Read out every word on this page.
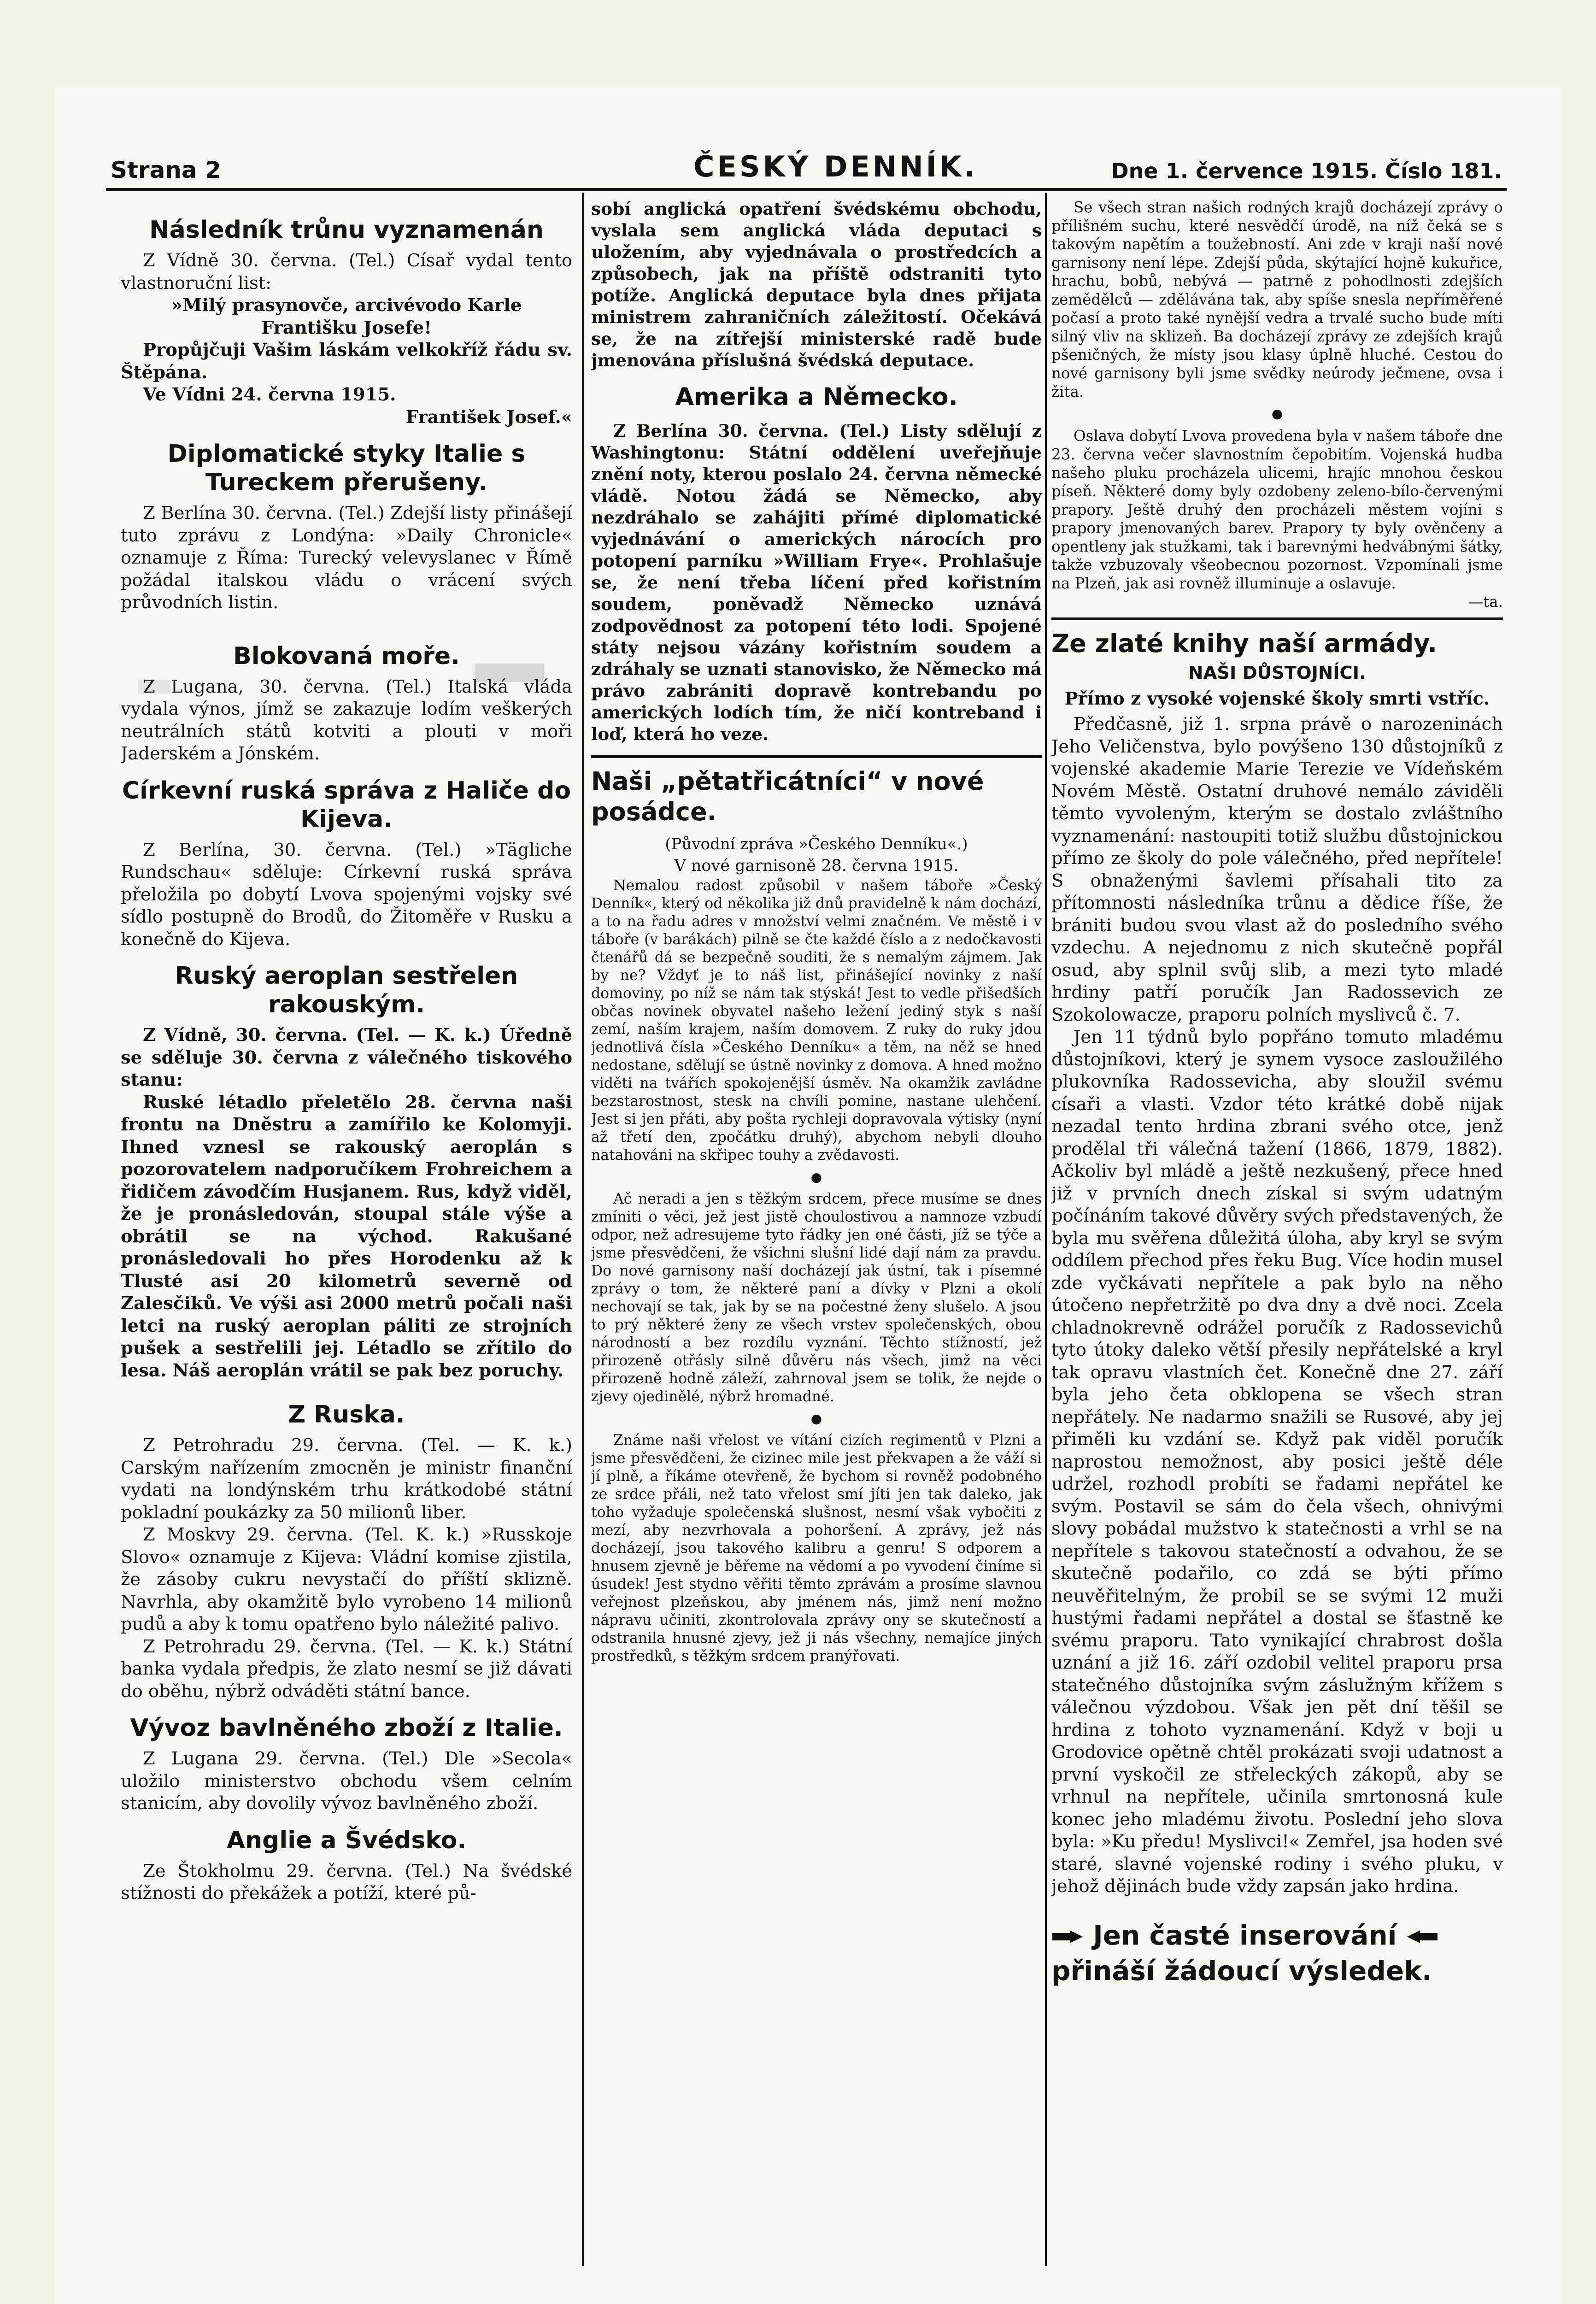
Strana 2	ČESKÝ DENNÍK.	Dne 1. července 1915. Číslo 181.
Následník trůnu vyznamenán

Z Vídně 30. června. (Tel.) Císař vydal tento vlastnoruční list:

»Milý prasynovče, arcivévodo Karle Františku Josefe!

Propůjčuji Vašim láskám velkokříž řádu sv. Štěpána.

Ve Vídni 24. června 1915.

František Josef.«

Diplomatické styky Italie s Tureckem přerušeny.

Z Berlína 30. června. (Tel.) Zdejší listy přinášejí tuto zprávu z Londýna: »Daily Chronicle« oznamuje z Říma: Turecký velevyslanec v Římě požádal italskou vládu o vrácení svých průvodních listin.

Blokovaná moře.

Z Lugana, 30. června. (Tel.) Italská vláda vydala výnos, jímž se zakazuje lodím veškerých neutrálních států kotviti a plouti v moři Jaderském a Jónském.

Církevní ruská správa z Haliče do Kijeva.

Z Berlína, 30. června. (Tel.) »Tägliche Rundschau« sděluje: Církevní ruská správa přeložila po dobytí Lvova spojenými vojsky své sídlo postupně do Brodů, do Žitoměře v Rusku a konečně do Kijeva.

Ruský aeroplan sestřelen rakouským.

Z Vídně, 30. června. (Tel. — K. k.) Úředně se sděluje 30. června z válečného tiskového stanu:

Ruské létadlo přeletělo 28. června naši frontu na Dněstru a zamířilo ke Kolomyji. Ihned vznesl se rakouský aeroplán s pozorovatelem nadporučíkem Frohreichem a řidičem závodčím Husjanem. Rus, když viděl, že je pronásledován, stoupal stále výše a obrátil se na východ. Rakušané pronásledovali ho přes Horodenku až k Tlusté asi 20 kilometrů severně od Zalesčiků. Ve výši asi 2000 metrů počali naši letci na ruský aeroplan páliti ze strojních pušek a sestřelili jej. Létadlo se zřítilo do lesa. Náš aeroplán vrátil se pak bez poruchy.

Z Ruska.

Z Petrohradu 29. června. (Tel. — K. k.) Carským nařízením zmocněn je ministr finanční vydati na londýnském trhu krátkodobé státní pokladní poukázky za 50 milionů liber.

Z Moskvy 29. června. (Tel. K. k.) »Russkoje Slovo« oznamuje z Kijeva: Vládní komise zjistila, že zásoby cukru nevystačí do příští sklizně. Navrhla, aby okamžitě bylo vyrobeno 14 milionů pudů a aby k tomu opatřeno bylo náležité palivo.

Z Petrohradu 29. června. (Tel. — K. k.) Státní banka vydala předpis, že zlato nesmí se již dávati do oběhu, nýbrž odváděti státní bance.

Vývoz bavlněného zboží z Italie.

Z Lugana 29. června. (Tel.) Dle »Secola« uložilo ministerstvo obchodu všem celním stanicím, aby dovolily vývoz bavlněného zboží.

Anglie a Švédsko.

Ze Štokholmu 29. června. (Tel.) Na švédské stížnosti do překážek a potíží, které pů-

sobí anglická opatření švédskému obchodu, vyslala sem anglická vláda deputaci s uložením, aby vyjednávala o prostředcích a způsobech, jak na příště odstraniti tyto potíže. Anglická deputace byla dnes přijata ministrem zahraničních záležitostí. Očekává se, že na zítřejší ministerské radě bude jmenována příslušná švédská deputace.

Amerika a Německo.

Z Berlína 30. června. (Tel.) Listy sdělují z Washingtonu: Státní oddělení uveřejňuje znění noty, kterou poslalo 24. června německé vládě. Notou žádá se Německo, aby nezdráhalo se zahájiti přímé diplomatické vyjednávání o amerických nárocích pro potopení parníku »William Frye«. Prohlašuje se, že není třeba líčení před kořistním soudem, poněvadž Německo uznává zodpovědnost za potopení této lodi. Spojené státy nejsou vázány kořistním soudem a zdráhaly se uznati stanovisko, že Německo má právo zabrániti dopravě kontrebandu po amerických lodích tím, že ničí kontreband i loď, která ho veze.

Naši „pětatřicátníci“ v nové posádce.

(Původní zpráva »Českého Denníku«.)

V nové garnisoně 28. června 1915.

Nemalou radost způsobil v našem táboře »Český Denník«, který od několika již dnů pravidelně k nám dochází, a to na řadu adres v množství velmi značném. Ve městě i v táboře (v barákách) pilně se čte každé číslo a z nedočkavosti čtenářů dá se bezpečně souditi, že s nemalým zájmem. Jak by ne? Vždyť je to náš list, přinášející novinky z naší domoviny, po níž se nám tak stýská! Jest to vedle přišedších občas novinek obyvatel našeho ležení jediný styk s naší zemí, naším krajem, naším domovem. Z ruky do ruky jdou jednotlivá čísla »Českého Denníku« a těm, na něž se hned nedostane, sdělují se ústně novinky z domova. A hned možno viděti na tvářích spokojenější úsměv. Na okamžik zavládne bezstarostnost, stesk na chvíli pomine, nastane ulehčení. Jest si jen přáti, aby pošta rychleji dopravovala výtisky (nyní až třetí den, zpočátku druhý), abychom nebyli dlouho natahováni na skřipec touhy a zvědavosti.

●

Ač neradi a jen s těžkým srdcem, přece musíme se dnes zmíniti o věci, jež jest jistě choulostivou a namnoze vzbudí odpor, než adresujeme tyto řádky jen oné části, jíž se týče a jsme přesvědčeni, že všichni slušní lidé dají nám za pravdu. Do nové garnisony naší docházejí jak ústní, tak i písemné zprávy o tom, že některé paní a dívky v Plzni a okolí nechovají se tak, jak by se na počestné ženy slušelo. A jsou to prý některé ženy ze všech vrstev společenských, obou národností a bez rozdílu vyznání. Těchto stížností, jež přirozeně otřásly silně důvěru nás všech, jimž na věci přirozeně hodně záleží, zahrnoval jsem se tolik, že nejde o zjevy ojedinělé, nýbrž hromadné.

●

Známe naši vřelost ve vítání cizích regimentů v Plzni a jsme přesvědčeni, že cizinec mile jest překvapen a že váží si jí plně, a říkáme otevřeně, že bychom si rovněž podobného ze srdce přáli, než tato vřelost smí jíti jen tak daleko, jak toho vyžaduje společenská slušnost, nesmí však vybočiti z mezí, aby nezvrhovala a pohoršení. A zprávy, jež nás docházejí, jsou takového kalibru a genru! S odporem a hnusem zjevně je běřeme na vědomí a po vyvodení činíme si úsudek! Jest stydno věřiti těmto zprávám a prosíme slavnou veřejnost plzeňskou, aby jménem nás, jimž není možno nápravu učiniti, zkontrolovala zprávy ony se skutečností a odstranila hnusné zjevy, jež ji nás všechny, nemajíce jiných prostředků, s těžkým srdcem pranýřovati.

Se všech stran našich rodných krajů docházejí zprávy o přílišném suchu, které nesvědčí úrodě, na níž čeká se s takovým napětím a toužebností. Ani zde v kraji naší nové garnisony není lépe. Zdejší půda, skýtající hojně kukuřice, hrachu, bobů, nebývá — patrně z pohodlnosti zdejších zemědělců — zdělávána tak, aby spíše snesla nepříměřené počasí a proto také nynější vedra a trvalé sucho bude míti silný vliv na sklizeň. Ba docházejí zprávy ze zdejších krajů pšeničných, že místy jsou klasy úplně hluché. Cestou do nové garnisony byli jsme svědky neúrody ječmene, ovsa i žita.

●

Oslava dobytí Lvova provedena byla v našem táboře dne 23. června večer slavnostním čepobitím. Vojenská hudba našeho pluku procházela ulicemi, hrajíc mnohou českou píseň. Některé domy byly ozdobeny zeleno-bílo-červenými prapory. Ještě druhý den procházeli městem vojíni s prapory jmenovaných barev. Prapory ty byly ověnčeny a opentleny jak stužkami, tak i barevnými hedvábnými šátky, takže vzbuzovaly všeobecnou pozornost. Vzpomínali jsme na Plzeň, jak asi rovněž illuminuje a oslavuje.

—ta.

Ze zlaté knihy naší armády.
NAŠI DŮSTOJNÍCI.
Přímo z vysoké vojenské školy smrti vstříc.

Předčasně, již 1. srpna právě o narozeninách Jeho Veličenstva, bylo povýšeno 130 důstojníků z vojenské akademie Marie Terezie ve Vídeňském Novém Městě. Ostatní druhové nemálo záviděli těmto vyvoleným, kterým se dostalo zvláštního vyznamenání: nastoupiti totiž službu důstojnickou přímo ze školy do pole válečného, před nepřítele! S obnaženými šavlemi přísahali tito za přítomnosti následníka trůnu a dědice říše, že brániti budou svou vlast až do posledního svého vzdechu. A nejednomu z nich skutečně popřál osud, aby splnil svůj slib, a mezi tyto mladé hrdiny patří poručík Jan Radossevich ze Szokolowacze, praporu polních myslivců č. 7.

Jen 11 týdnů bylo popřáno tomuto mladému důstojníkovi, který je synem vysoce zasloužilého plukovníka Radossevicha, aby sloužil svému císaři a vlasti. Vzdor této krátké době nijak nezadal tento hrdina zbrani svého otce, jenž prodělal tři válečná tažení (1866, 1879, 1882). Ačkoliv byl mládě a ještě nezkušený, přece hned již v prvních dnech získal si svým udatným počínáním takové důvěry svých představených, že byla mu svěřena důležitá úloha, aby kryl se svým oddílem přechod přes řeku Bug. Více hodin musel zde vyčkávati nepřítele a pak bylo na něho útočeno nepřetržitě po dva dny a dvě noci. Zcela chladnokrevně odrážel poručík z Radossevichů tyto útoky daleko větší přesily nepřátelské a kryl tak opravu vlastních čet. Konečně dne 27. září byla jeho četa obklopena se všech stran nepřátely. Ne nadarmo snažili se Rusové, aby jej přiměli ku vzdání se. Když pak viděl poručík naprostou nemožnost, aby posici ještě déle udržel, rozhodl probíti se řadami nepřátel ke svým. Postavil se sám do čela všech, ohnivými slovy pobádal mužstvo k statečnosti a vrhl se na nepřítele s takovou statečností a odvahou, že se skutečně podařilo, co zdá se býti přímo neuvěřitelným, že probil se se svými 12 muži hustými řadami nepřátel a dostal se šťastně ke svému praporu. Tato vynikající chrabrost došla uznání a již 16. září ozdobil velitel praporu prsa statečného důstojníka svým záslužným křížem s válečnou výzdobou. Však jen pět dní těšil se hrdina z tohoto vyznamenání. Když v boji u Grodovice opětně chtěl prokázati svoji udatnost a první vyskočil ze střeleckých zákopů, aby se vrhnul na nepřítele, učinila smrtonosná kule konec jeho mladému životu. Poslední jeho slova byla: »Ku předu! Myslivci!« Zemřel, jsa hoden své staré, slavné vojenské rodiny i svého pluku, v jehož dějinách bude vždy zapsán jako hrdina.

Jen časté inserování
přináší žádoucí výsledek.
